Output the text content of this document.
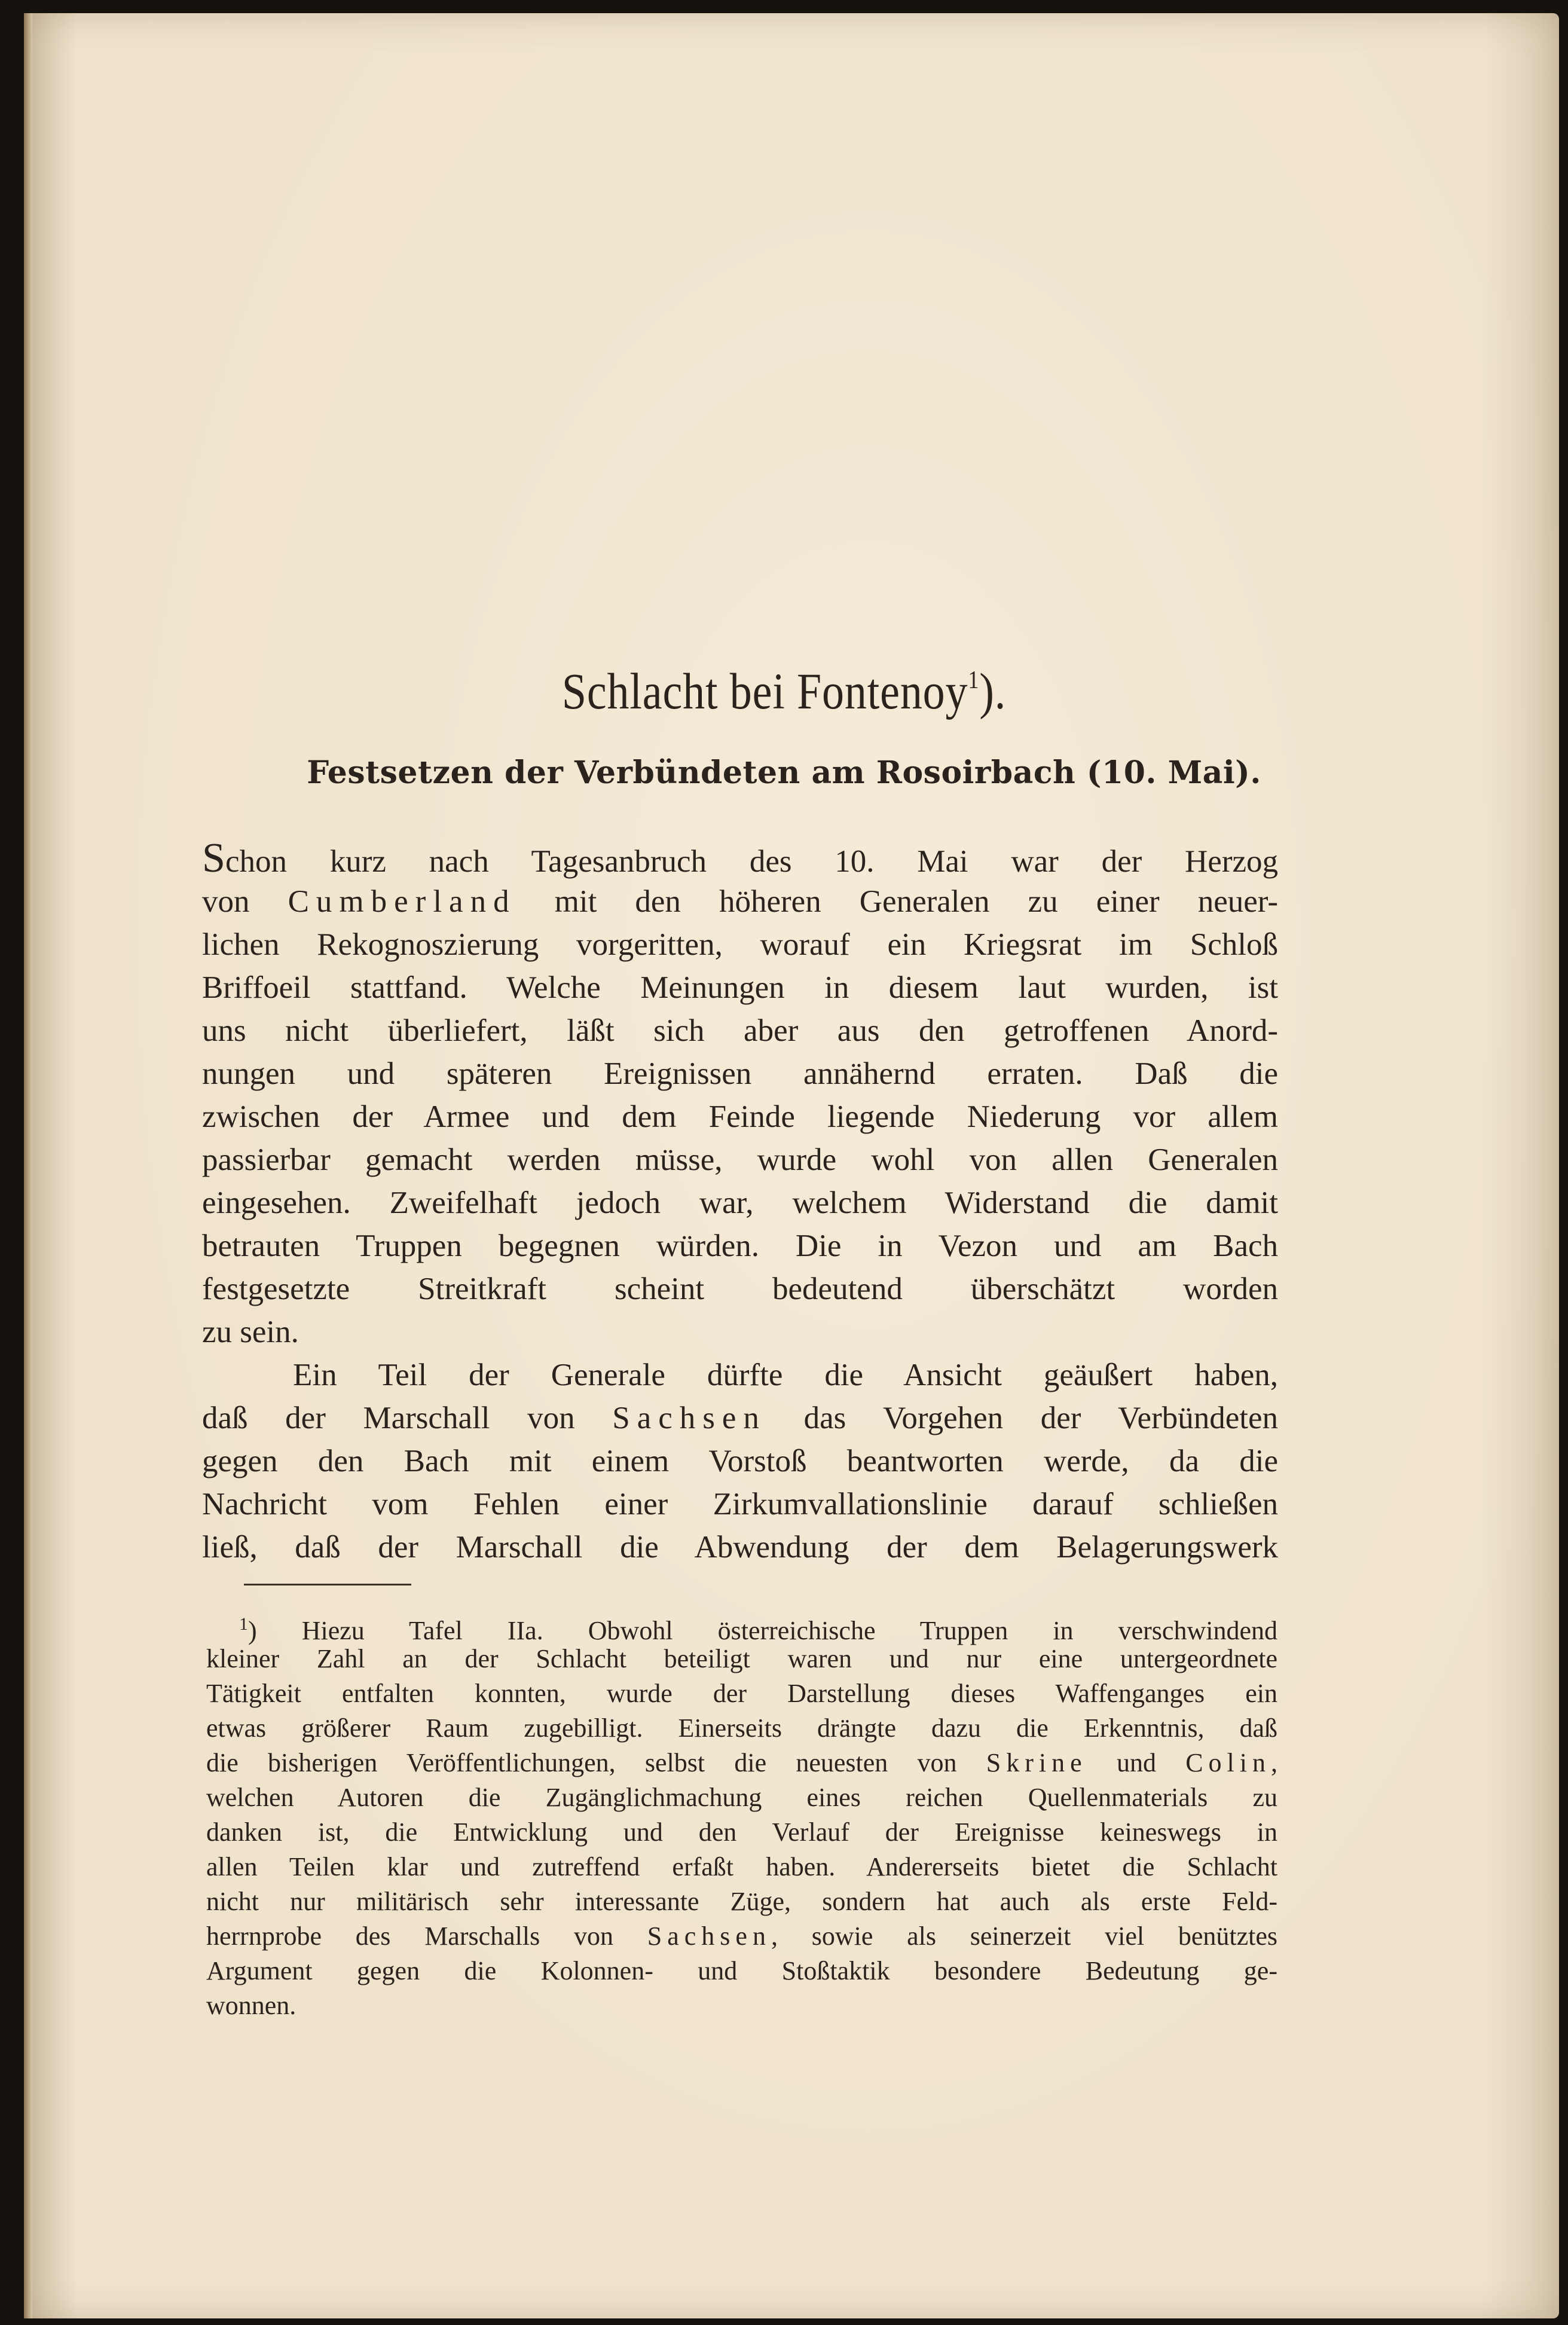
Schlacht bei Fontenoy$^1$).
Festsetzen der Verbündeten am Rosoirbach (10. Mai).
Schon kurz nach Tagesanbruch des 10. Mai war der Herzog
von Cumberland mit den höheren Generalen zu einer neuer-
lichen Rekognoszierung vorgeritten, worauf ein Kriegsrat im Schloß
Briffoeil stattfand. Welche Meinungen in diesem laut wurden, ist
uns nicht überliefert, läßt sich aber aus den getroffenen Anord-
nungen und späteren Ereignissen annähernd erraten. Daß die
zwischen der Armee und dem Feinde liegende Niederung vor allem
passierbar gemacht werden müsse, wurde wohl von allen Generalen
eingesehen. Zweifelhaft jedoch war, welchem Widerstand die damit
betrauten Truppen begegnen würden. Die in Vezon und am Bach
festgesetzte Streitkraft scheint bedeutend überschätzt worden
zu sein.
Ein Teil der Generale dürfte die Ansicht geäußert haben,
daß der Marschall von Sachsen das Vorgehen der Verbündeten
gegen den Bach mit einem Vorstoß beantworten werde, da die
Nachricht vom Fehlen einer Zirkumvallationslinie darauf schließen
ließ, daß der Marschall die Abwendung der dem Belagerungswerk
$^1$) Hiezu Tafel IIa. Obwohl österreichische Truppen in verschwindend
kleiner Zahl an der Schlacht beteiligt waren und nur eine untergeordnete
Tätigkeit entfalten konnten, wurde der Darstellung dieses Waffenganges ein
etwas größerer Raum zugebilligt. Einerseits drängte dazu die Erkenntnis, daß
die bisherigen Veröffentlichungen, selbst die neuesten von Skrine und Colin,
welchen Autoren die Zugänglichmachung eines reichen Quellenmaterials zu
danken ist, die Entwicklung und den Verlauf der Ereignisse keineswegs in
allen Teilen klar und zutreffend erfaßt haben. Andererseits bietet die Schlacht
nicht nur militärisch sehr interessante Züge, sondern hat auch als erste Feld-
herrnprobe des Marschalls von Sachsen, sowie als seinerzeit viel benütztes
Argument gegen die Kolonnen- und Stoßtaktik besondere Bedeutung ge-
wonnen.
